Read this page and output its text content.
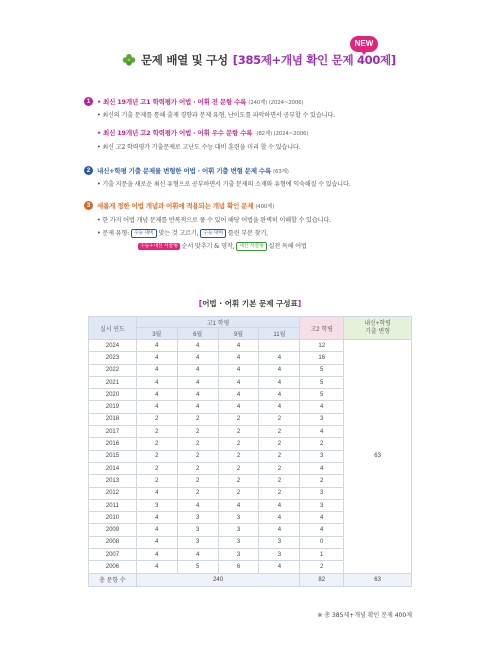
문제 배열 및 구성 [385제+개념 확인 문제 400제]
NEW
1	• 최신 19개년 고1 학력평가 어법 · 어휘 전 문항 수록 (240제) (2024~2006)
• 최신의 기출 문제를 통해 출제 경향과 문제 유형, 난이도를 파악하면서 공부할 수 있습니다.
• 최신 19개년 고2 학력평가 어법 · 어휘 우수 문항 수록 (82제) (2024~2006)
• 최신 고2 학력평가 기출문제로 고난도 수능 대비 훈련을 미리 할 수 있습니다.
2	내신+학평 기출 문제를 변형한 어법 · 어휘 기출 변형 문제 수록 (63제)
• 기출 지문을 새로운 최신 유형으로 공부하면서 기출 문제의 소재와 유형에 익숙해질 수 있습니다.
3	새롭게 정한 어법 개념과 어휘에 적용되는 개념 확인 문제 (400제)
• 한 가지 어법 개념 문제를 반복적으로 풀 수 있어 해당 어법을 완벽히 이해할 수 있습니다.
• 문제 유형: 수능 대비 맞는 것 고르기, 수능 대비 틀린 부분 찾기,
수능+내신 서술형 순서 맞추기 & 영작, 내신 서술형 실전 독해 어법
[어법 · 어휘 기본 문제 구성표]
실시 연도	고1 학평				고2 학평	내신+학평
기출 변형
	3월	6월	9월	11월		
2024	4	4	4		12	63
2023	4	4	4	4	16	
2022	4	4	4	4	5	
2021	4	4	4	4	5	
2020	4	4	4	4	5	
2019	4	4	4	4	4	
2018	2	2	2	2	3	
2017	2	2	2	2	4	
2016	2	2	2	2	2	
2015	2	2	2	2	3	
2014	2	2	2	2	4	
2013	2	2	2	2	2	
2012	4	2	2	2	3	
2011	3	4	4	4	3	
2010	4	3	3	4	4	
2009	4	3	3	4	4	
2008	4	3	3	3	0	
2007	4	4	3	3	1	
2006	4	5	6	4	2	
총 문항 수	240				82	63
※ 총 385제+개념 확인 문제 400제
